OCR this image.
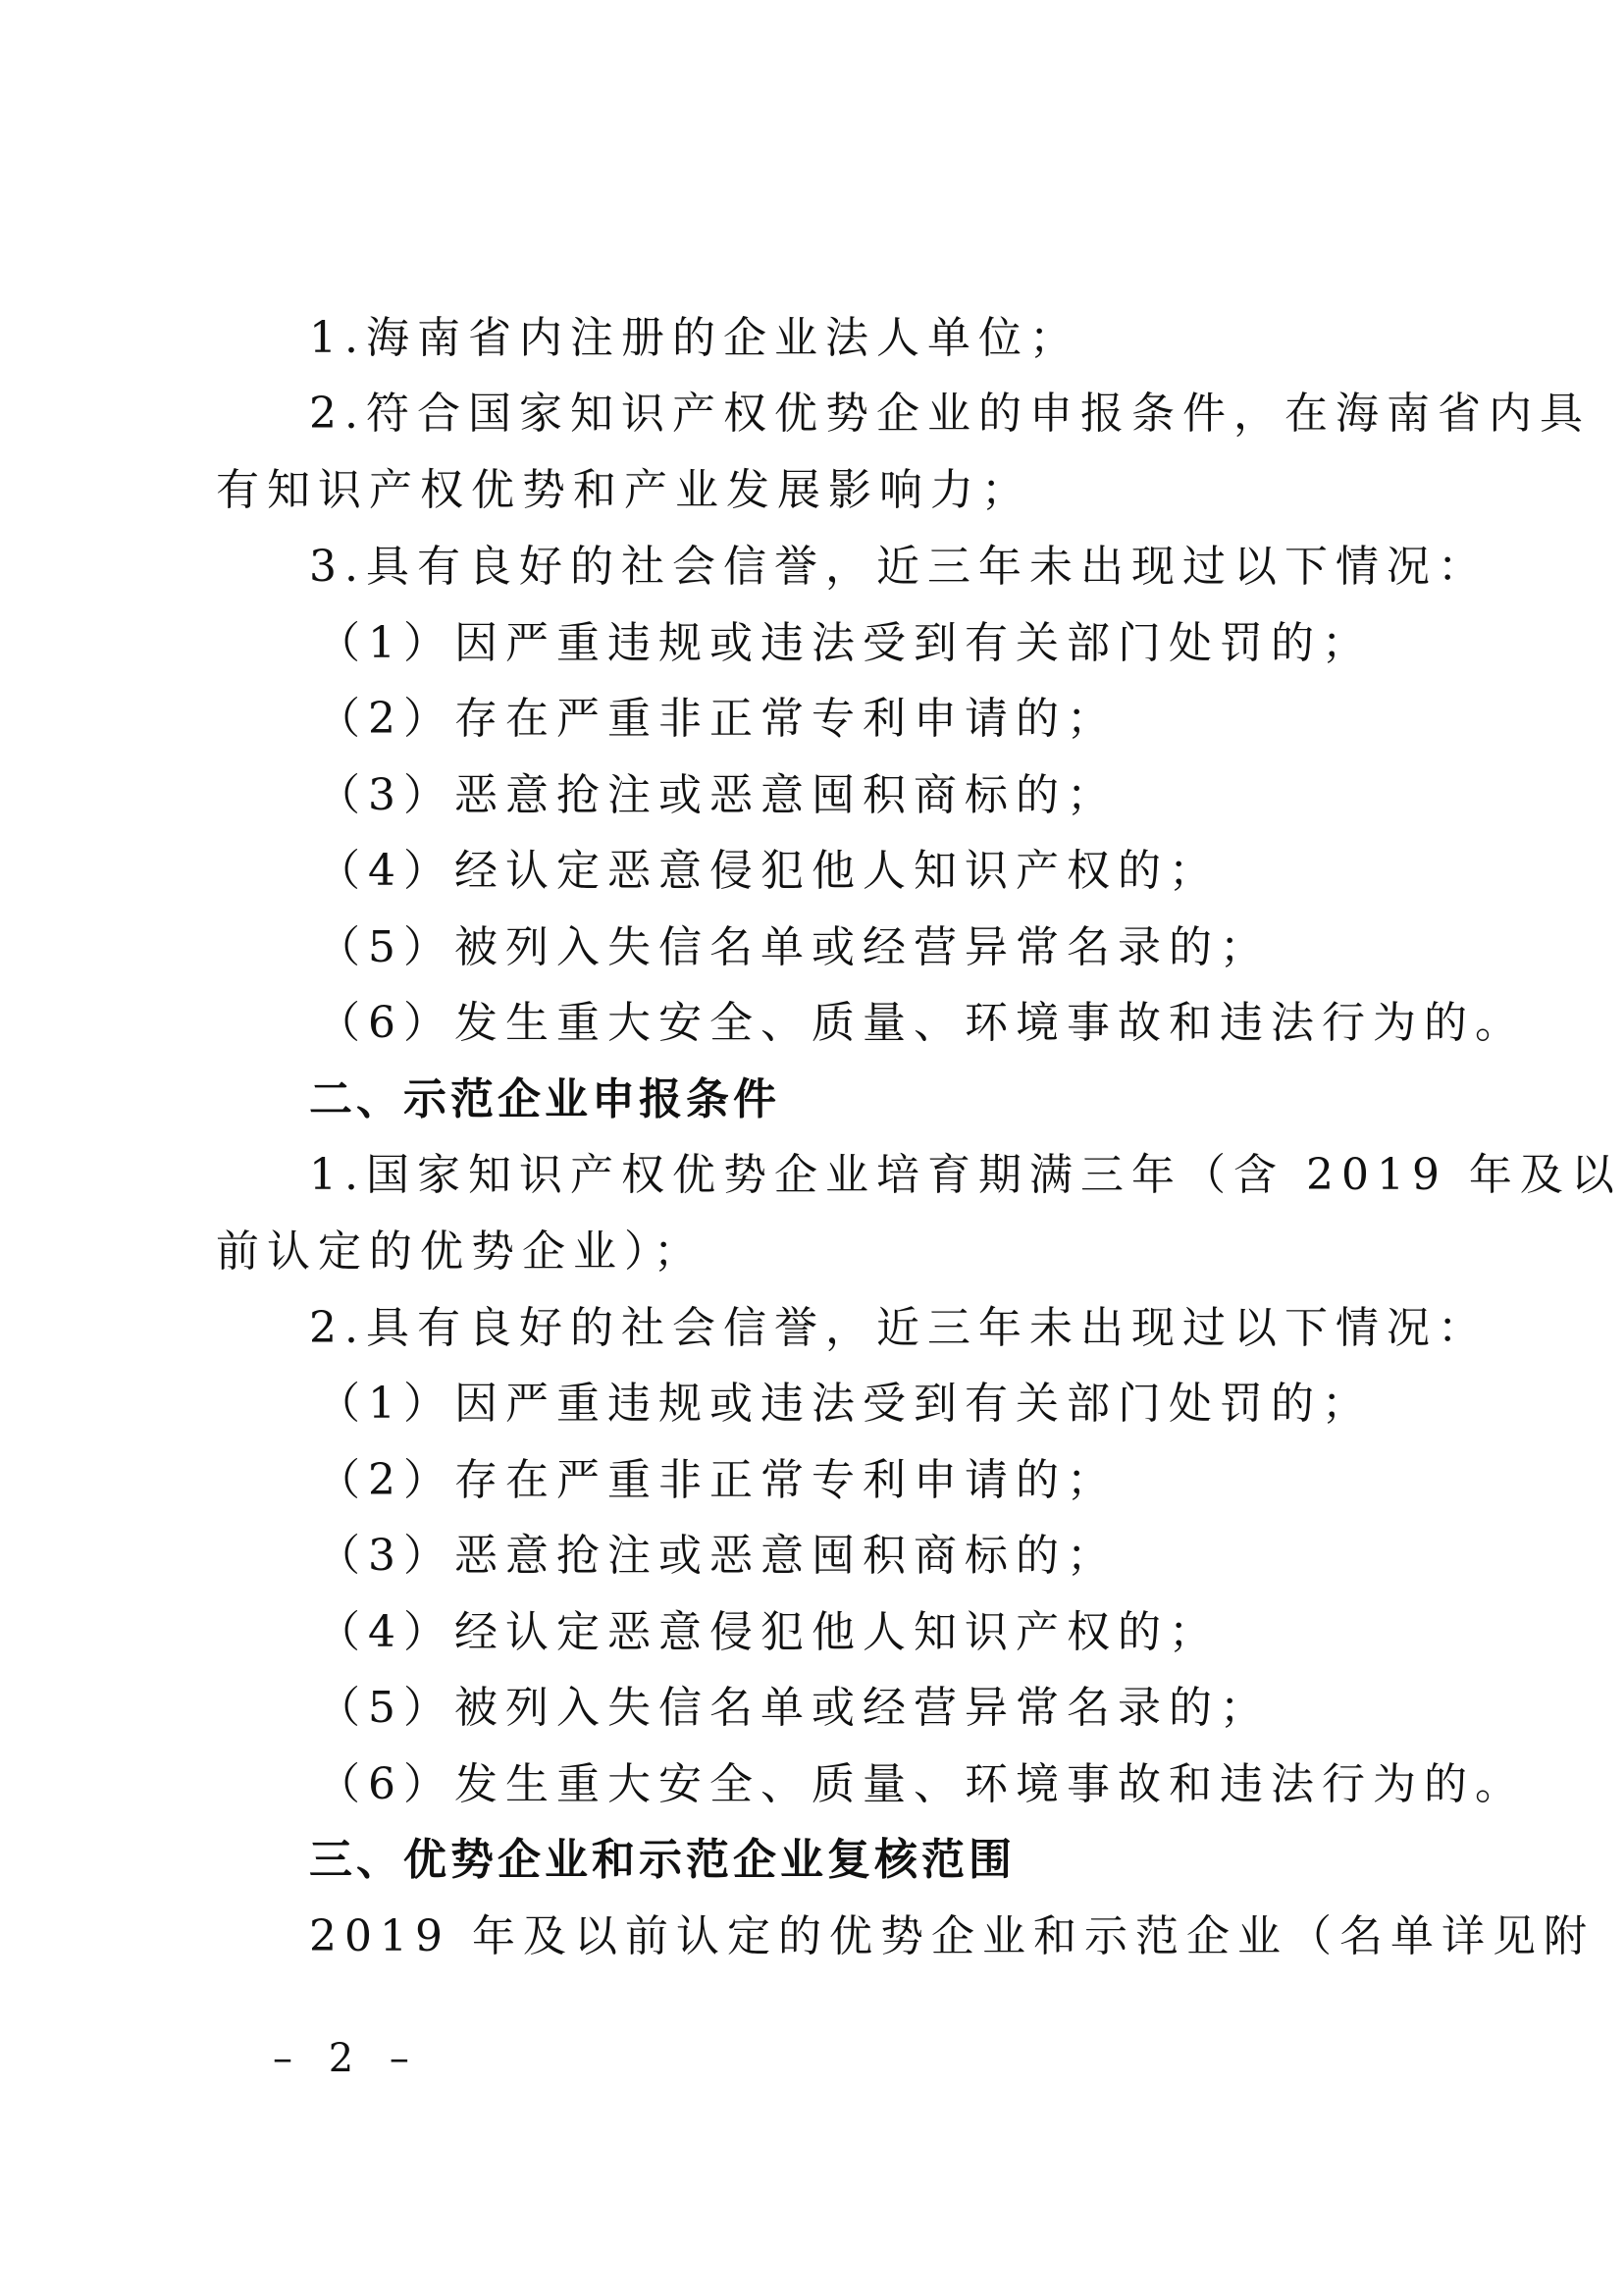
1.海南省内注册的企业法人单位；
2.符合国家知识产权优势企业的申报条件，在海南省内具
有知识产权优势和产业发展影响力；
3.具有良好的社会信誉，近三年未出现过以下情况：
（1）因严重违规或违法受到有关部门处罚的；
（2）存在严重非正常专利申请的；
（3）恶意抢注或恶意囤积商标的；
（4）经认定恶意侵犯他人知识产权的；
（5）被列入失信名单或经营异常名录的；
（6）发生重大安全、质量、环境事故和违法行为的。
二、示范企业申报条件
1.国家知识产权优势企业培育期满三年（含 2019 年及以
前认定的优势企业）；
2.具有良好的社会信誉，近三年未出现过以下情况：
（1）因严重违规或违法受到有关部门处罚的；
（2）存在严重非正常专利申请的；
（3）恶意抢注或恶意囤积商标的；
（4）经认定恶意侵犯他人知识产权的；
（5）被列入失信名单或经营异常名录的；
（6）发生重大安全、质量、环境事故和违法行为的。
三、优势企业和示范企业复核范围
2019 年及以前认定的优势企业和示范企业（名单详见附
– 2 –
